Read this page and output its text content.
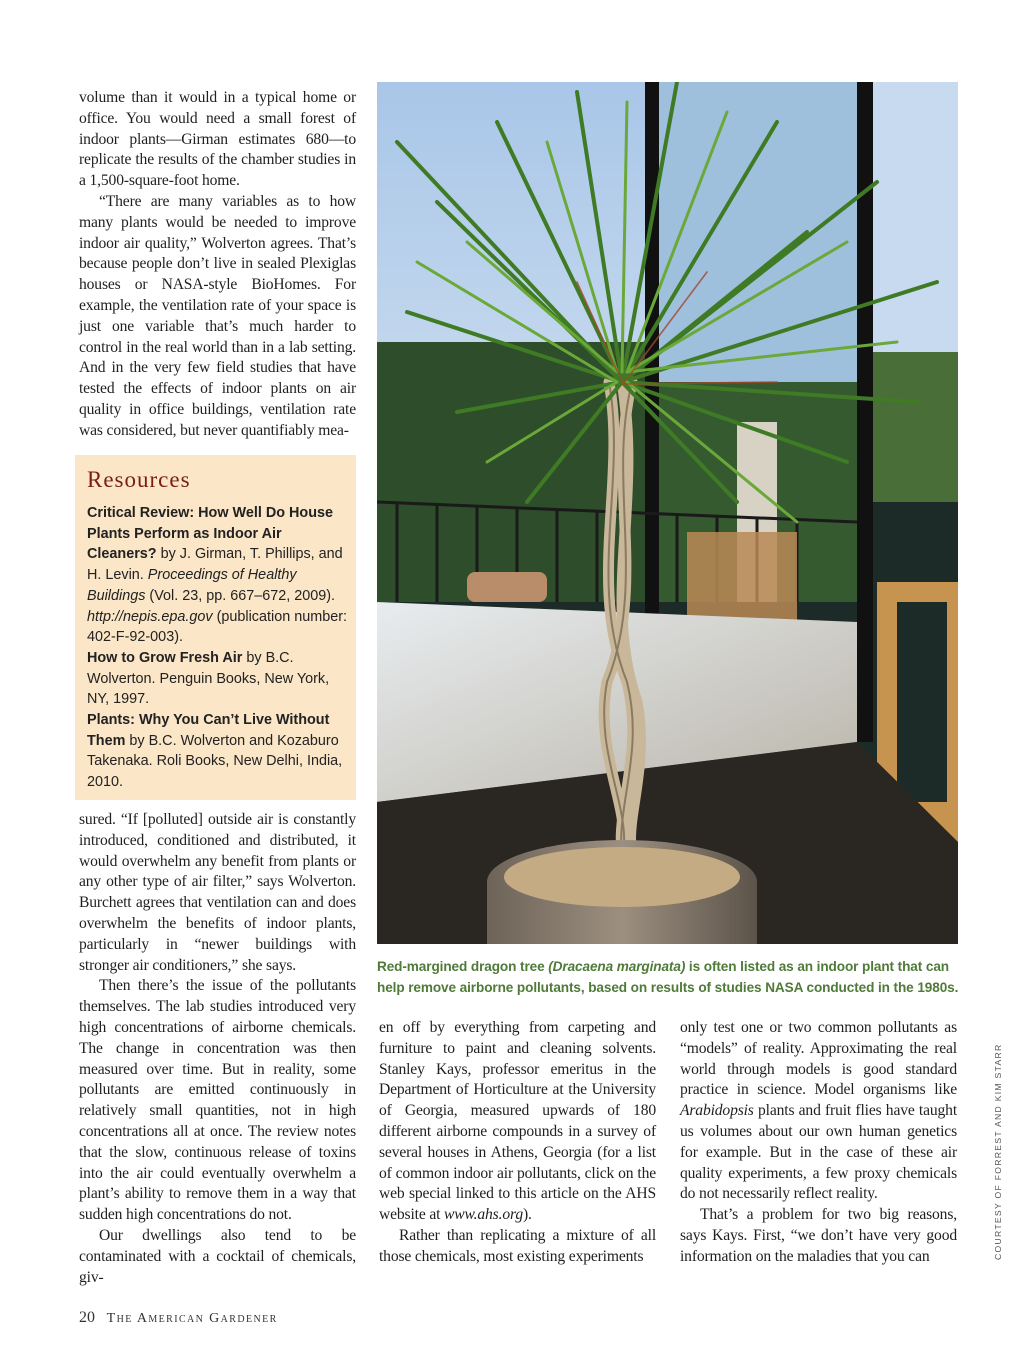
volume than it would in a typical home or office. You would need a small forest of indoor plants—Girman estimates 680—to replicate the results of the chamber studies in a 1,500-square-foot home.

“There are many variables as to how many plants would be needed to improve indoor air quality,” Wolverton agrees. That’s because people don’t live in sealed Plexiglas houses or NASA-style BioHomes. For example, the ventilation rate of your space is just one variable that’s much harder to control in the real world than in a lab setting. And in the very few field studies that have tested the effects of indoor plants on air quality in office buildings, ventilation rate was considered, but never quantifiably mea-

Resources

Critical Review: How Well Do House Plants Perform as Indoor Air Cleaners? by J. Girman, T. Phillips, and H. Levin. Proceedings of Healthy Buildings (Vol. 23, pp. 667–672, 2009). http://nepis.epa.gov (publication number: 402-F-92-003).

How to Grow Fresh Air by B.C. Wolverton. Penguin Books, New York, NY, 1997.

Plants: Why You Can’t Live Without Them by B.C. Wolverton and Kozaburo Takenaka. Roli Books, New Delhi, India, 2010.

sured. “If [polluted] outside air is constantly introduced, conditioned and distributed, it would overwhelm any benefit from plants or any other type of air filter,” says Wolverton. Burchett agrees that ventilation can and does overwhelm the benefits of indoor plants, particularly in “newer buildings with stronger air conditioners,” she says.

Then there’s the issue of the pollutants themselves. The lab studies introduced very high concentrations of airborne chemicals. The change in concentration was then measured over time. But in reality, some pollutants are emitted continuously in relatively small quantities, not in high concentrations all at once. The review notes that the slow, continuous release of toxins into the air could eventually overwhelm a plant’s ability to remove them in a way that sudden high concentrations do not.

Our dwellings also tend to be contaminated with a cocktail of chemicals, giv-

Red-margined dragon tree (Dracaena marginata) is often listed as an indoor plant that can help remove airborne pollutants, based on results of studies NASA conducted in the 1980s.

en off by everything from carpeting and furniture to paint and cleaning solvents. Stanley Kays, professor emeritus in the Department of Horticulture at the University of Georgia, measured upwards of 180 different airborne compounds in a survey of several houses in Athens, Georgia (for a list of common indoor air pollutants, click on the web special linked to this article on the AHS website at www.ahs.org).

Rather than replicating a mixture of all those chemicals, most existing experiments

only test one or two common pollutants as “models” of reality. Approximating the real world through models is good standard practice in science. Model organisms like Arabidopsis plants and fruit flies have taught us volumes about our own human genetics for example. But in the case of these air quality experiments, a few proxy chemicals do not necessarily reflect reality.

That’s a problem for two big reasons, says Kays. First, “we don’t have very good information on the maladies that you can	COURTESY OF FORREST AND KIM STARR
20 The American Gardener
